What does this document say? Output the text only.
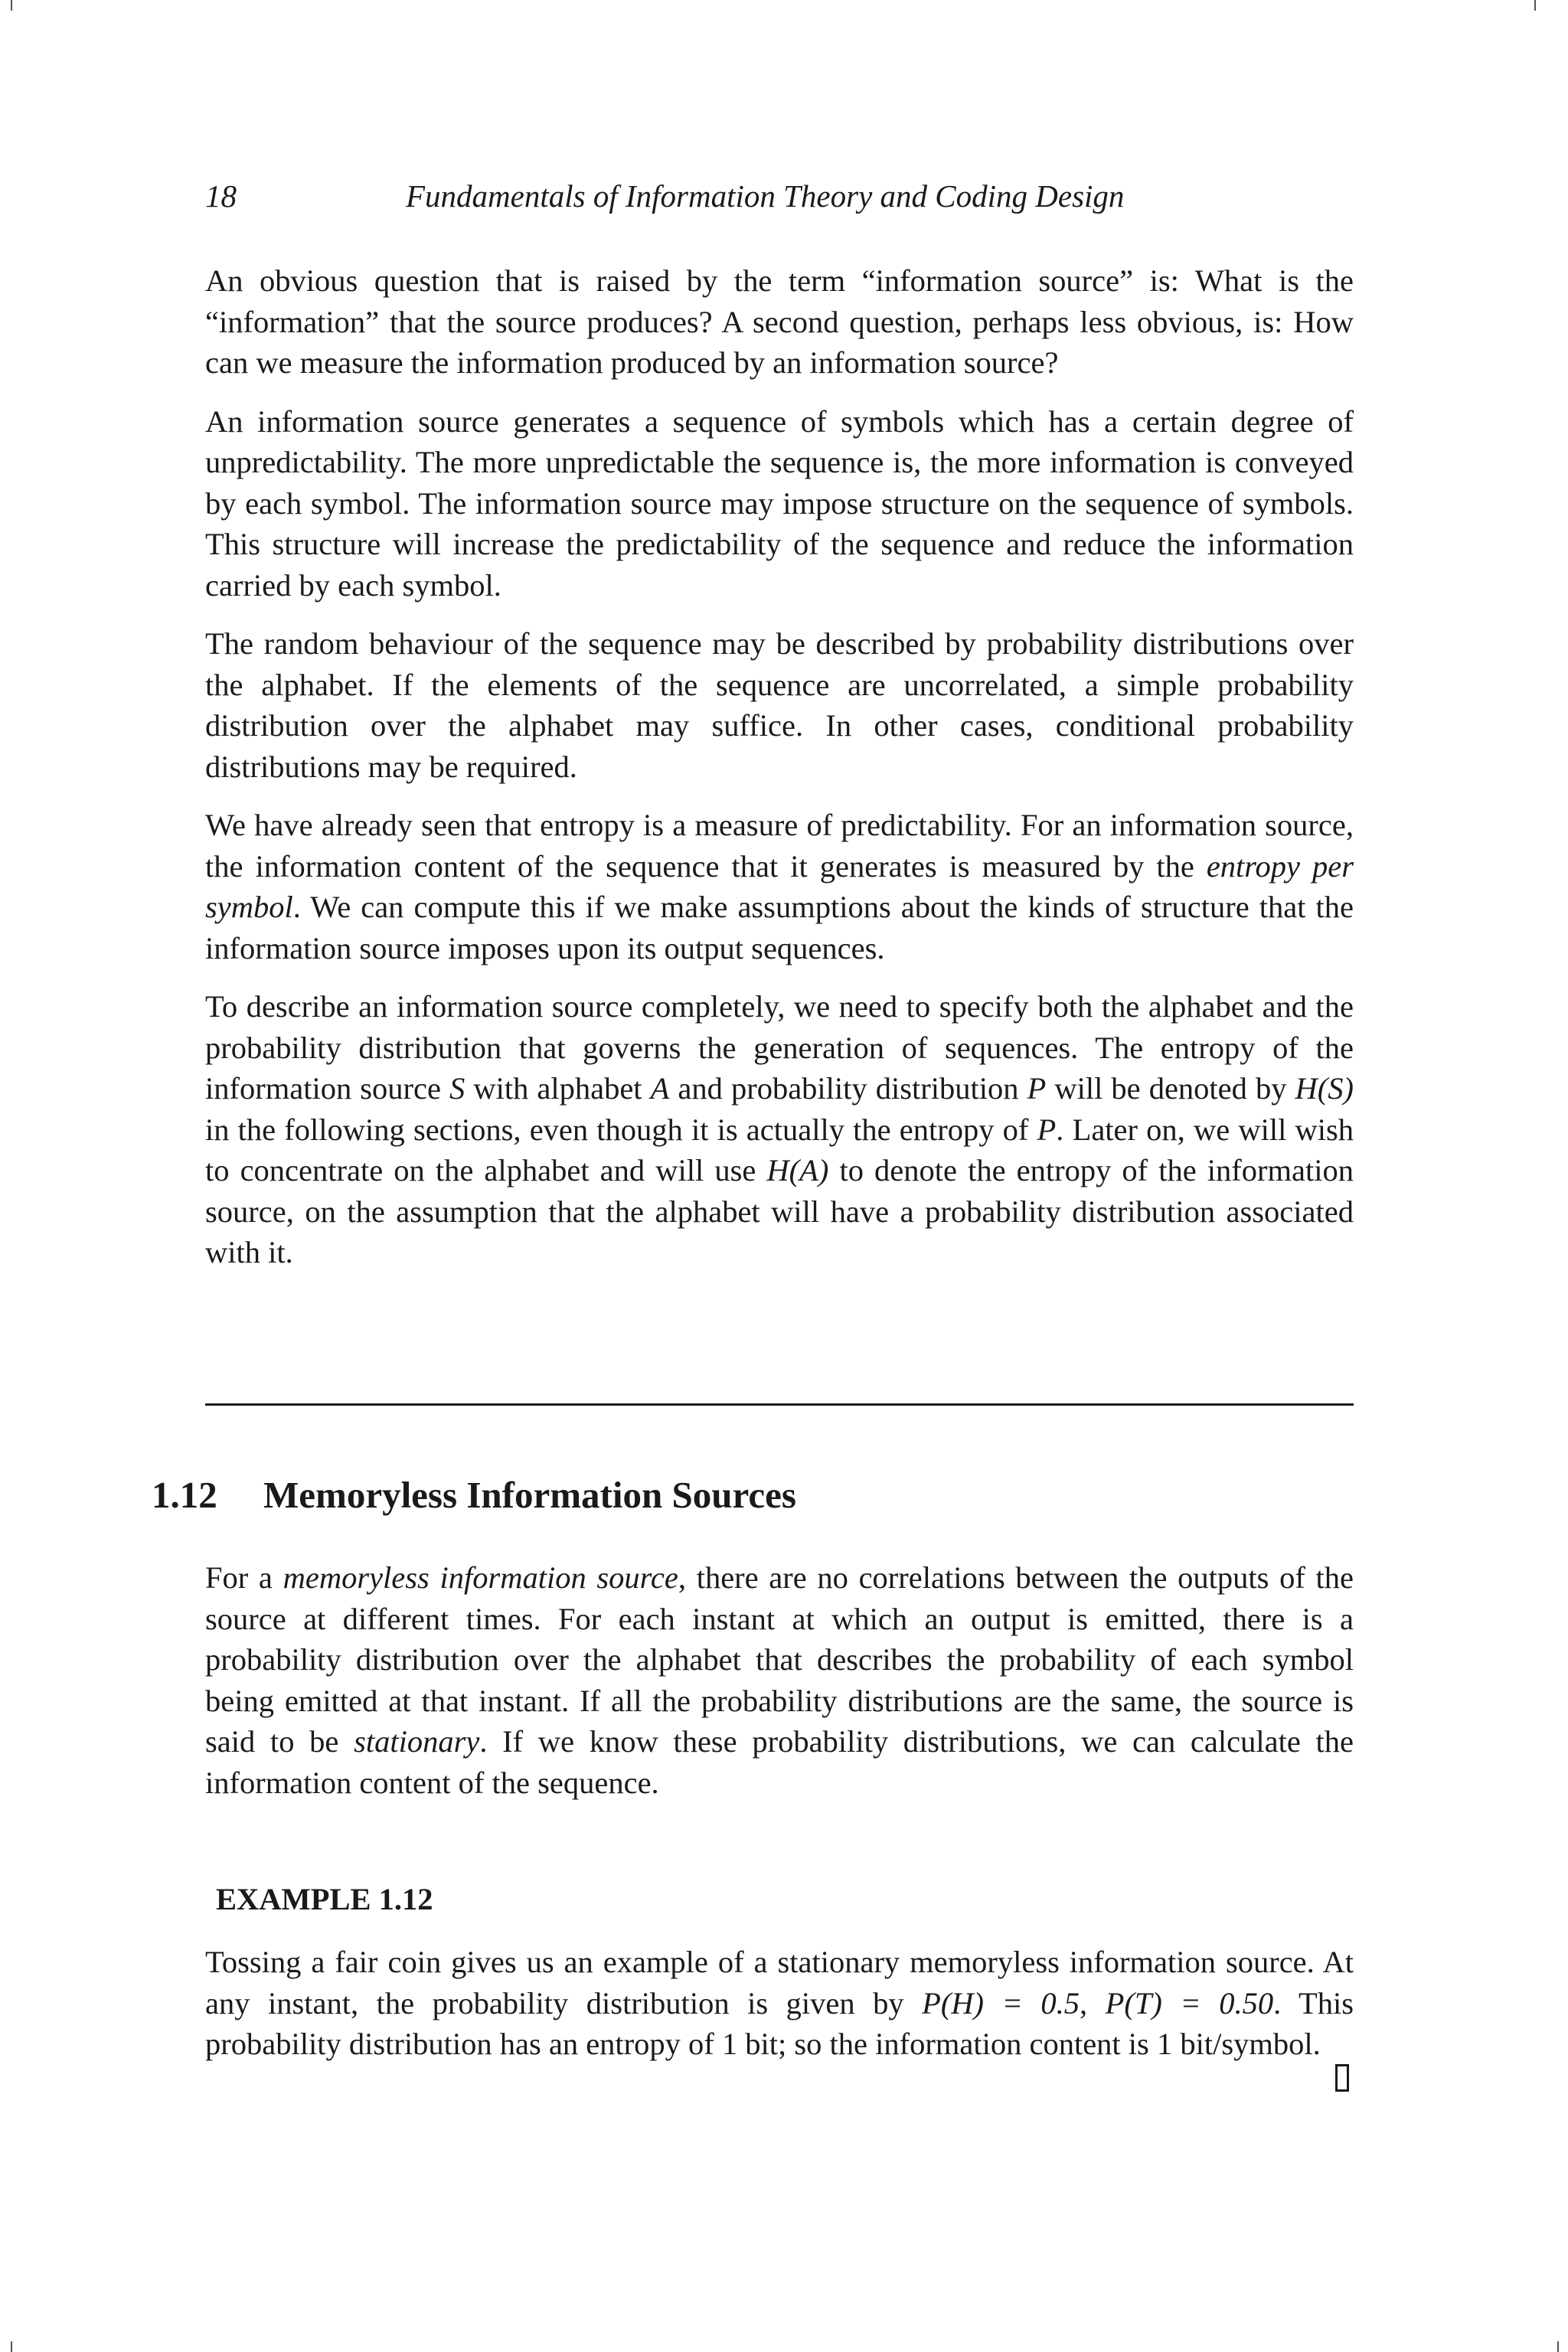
18	Fundamentals of Information Theory and Coding Design

An obvious question that is raised by the term “information source” is: What is the “information” that the source produces? A second question, perhaps less obvious, is: How can we measure the information produced by an information source?

An information source generates a sequence of symbols which has a certain degree of unpredictability. The more unpredictable the sequence is, the more information is conveyed by each symbol. The information source may impose structure on the sequence of symbols. This structure will increase the predictability of the sequence and reduce the information carried by each symbol.

The random behaviour of the sequence may be described by probability distributions over the alphabet. If the elements of the sequence are uncorrelated, a simple probability distribution over the alphabet may suffice. In other cases, conditional probability distributions may be required.

We have already seen that entropy is a measure of predictability. For an information source, the information content of the sequence that it generates is measured by the entropy per symbol. We can compute this if we make assumptions about the kinds of structure that the information source imposes upon its output sequences.

To describe an information source completely, we need to specify both the alphabet and the probability distribution that governs the generation of sequences. The entropy of the information source S with alphabet A and probability distribution P will be denoted by H(S) in the following sections, even though it is actually the entropy of P. Later on, we will wish to concentrate on the alphabet and will use H(A) to denote the entropy of the information source, on the assumption that the alphabet will have a probability distribution associated with it.

1.12 Memoryless Information Sources

For a memoryless information source, there are no correlations between the outputs of the source at different times. For each instant at which an output is emitted, there is a probability distribution over the alphabet that describes the probability of each symbol being emitted at that instant. If all the probability distributions are the same, the source is said to be stationary. If we know these probability distributions, we can calculate the information content of the sequence.

EXAMPLE 1.12

Tossing a fair coin gives us an example of a stationary memoryless information source. At any instant, the probability distribution is given by P(H) = 0.5, P(T) = 0.50. This probability distribution has an entropy of 1 bit; so the information content is 1 bit/symbol.
